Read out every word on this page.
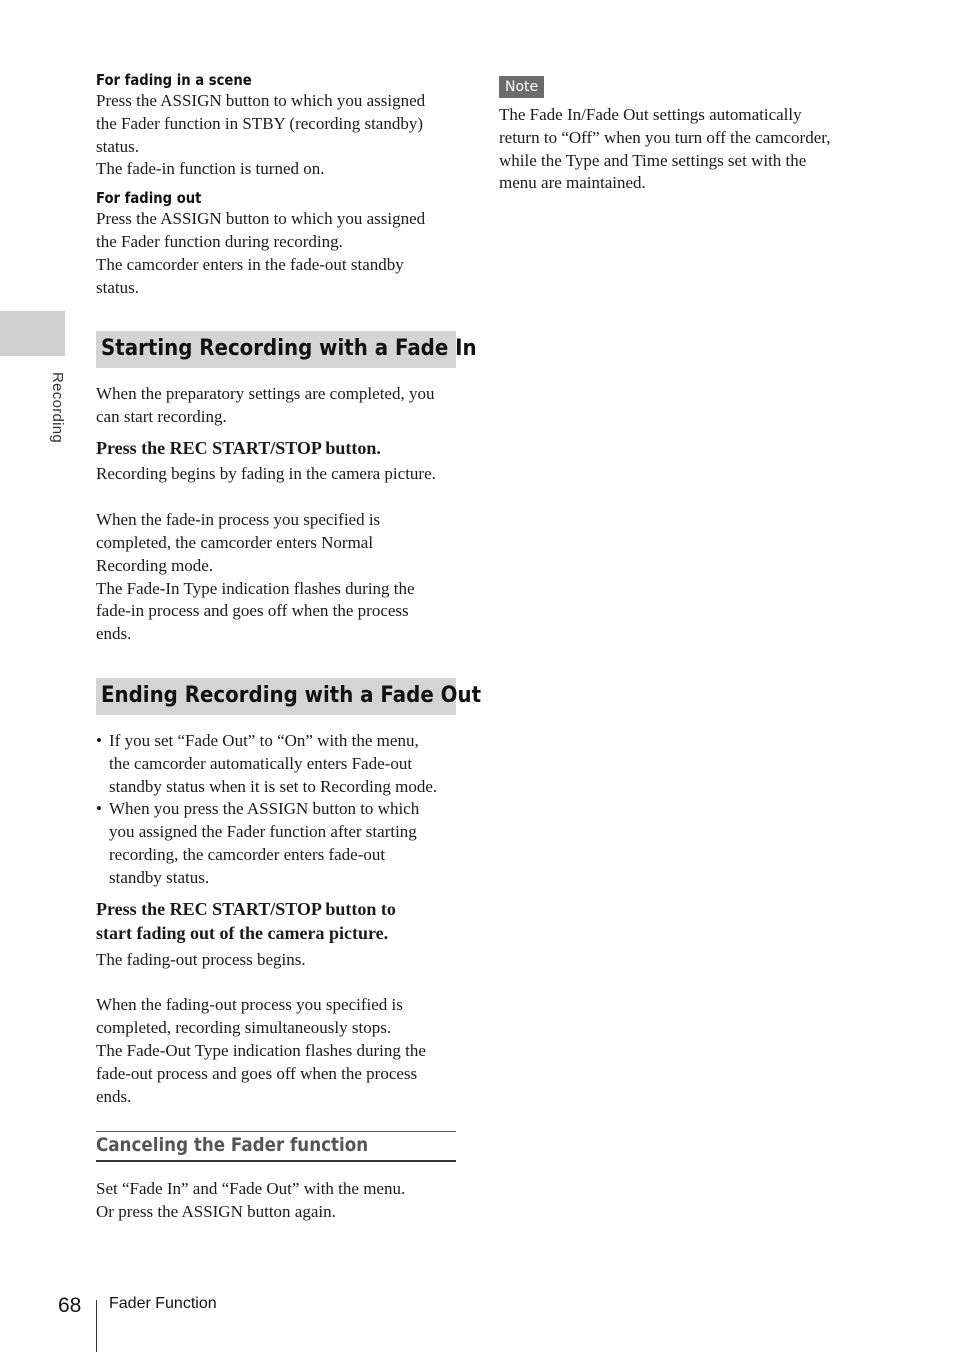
Recording
For fading in a scene

Press the ASSIGN button to which you assigned

the Fader function in STBY (recording standby)

status.

The fade-in function is turned on.

For fading out

Press the ASSIGN button to which you assigned

the Fader function during recording.

The camcorder enters in the fade-out standby

status.

Starting Recording with a Fade In

When the preparatory settings are completed, you

can start recording.

Press the REC START/STOP button.

Recording begins by fading in the camera picture.

When the fade-in process you specified is

completed, the camcorder enters Normal

Recording mode.

The Fade-In Type indication flashes during the

fade-in process and goes off when the process

ends.

Ending Recording with a Fade Out
• If you set “Fade Out” to “On” with the menu,
the camcorder automatically enters Fade-out
standby status when it is set to Recording mode.
• When you press the ASSIGN button to which
you assigned the Fader function after starting
recording, the camcorder enters fade-out
standby status.
Press the REC START/STOP button to
start fading out of the camera picture.

The fading-out process begins.

When the fading-out process you specified is

completed, recording simultaneously stops.

The Fade-Out Type indication flashes during the

fade-out process and goes off when the process

ends.

Canceling the Fader function

Set “Fade In” and “Fade Out” with the menu.

Or press the ASSIGN button again.

Note

The Fade In/Fade Out settings automatically

return to “Off” when you turn off the camcorder,

while the Type and Time settings set with the

menu are maintained.

68 Fader Function
